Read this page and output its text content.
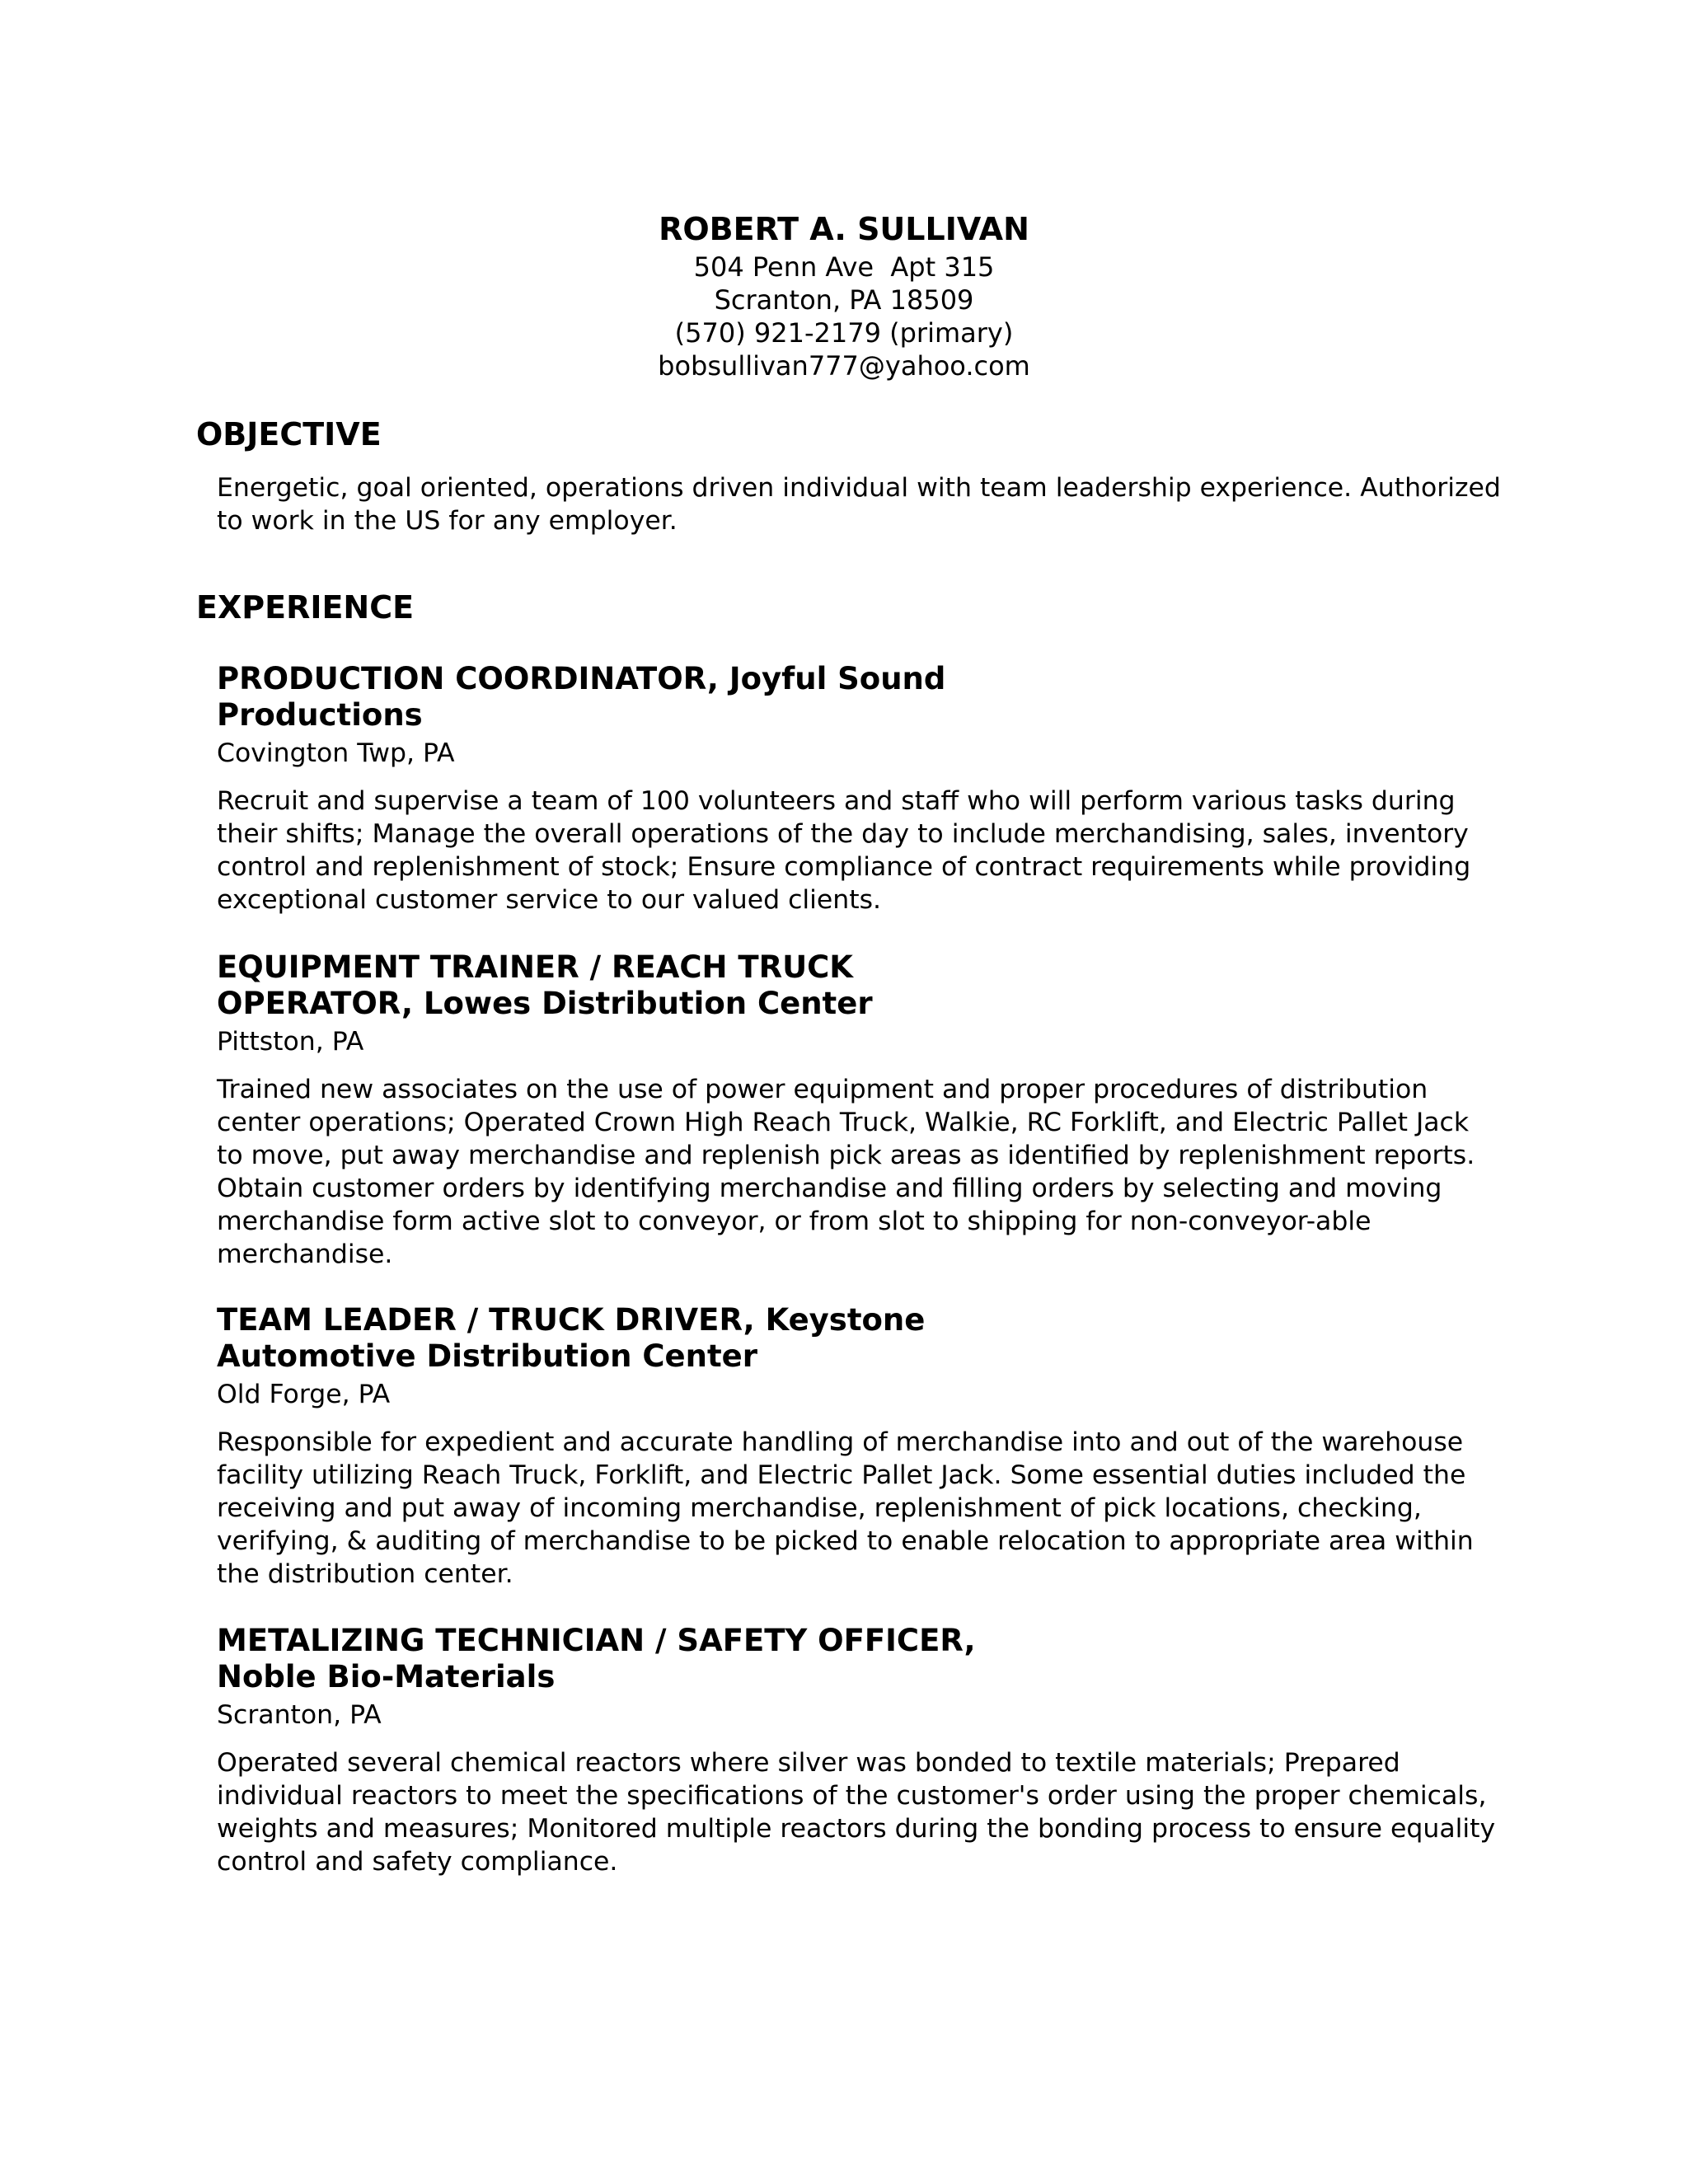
ROBERT A. SULLIVAN

504 Penn Ave  Apt 315

Scranton, PA 18509

(570) 921-2179 (primary)

bobsullivan777@yahoo.com

OBJECTIVE

Energetic, goal oriented, operations driven individual with team leadership experience. Authorized to work in the US for any employer.

EXPERIENCE

PRODUCTION COORDINATOR, Joyful Sound Productions

Covington Twp, PA

Recruit and supervise a team of 100 volunteers and staff who will perform various tasks during their shifts; Manage the overall operations of the day to include merchandising, sales, inventory control and replenishment of stock; Ensure compliance of contract requirements while providing exceptional customer service to our valued clients.

EQUIPMENT TRAINER / REACH TRUCK OPERATOR, Lowes Distribution Center

Pittston, PA

Trained new associates on the use of power equipment and proper procedures of distribution center operations; Operated Crown High Reach Truck, Walkie, RC Forklift, and Electric Pallet Jack to move, put away merchandise and replenish pick areas as identified by replenishment reports. Obtain customer orders by identifying merchandise and filling orders by selecting and moving merchandise form active slot to conveyor, or from slot to shipping for non-conveyor-able merchandise.

TEAM LEADER / TRUCK DRIVER, Keystone Automotive Distribution Center

Old Forge, PA

Responsible for expedient and accurate handling of merchandise into and out of the warehouse facility utilizing Reach Truck, Forklift, and Electric Pallet Jack. Some essential duties included the receiving and put away of incoming merchandise, replenishment of pick locations, checking, verifying, & auditing of merchandise to be picked to enable relocation to appropriate area within the distribution center.

METALIZING TECHNICIAN / SAFETY OFFICER, Noble Bio-Materials

Scranton, PA

Operated several chemical reactors where silver was bonded to textile materials; Prepared individual reactors to meet the specifications of the customer's order using the proper chemicals, weights and measures; Monitored multiple reactors during the bonding process to ensure equality control and safety compliance.
